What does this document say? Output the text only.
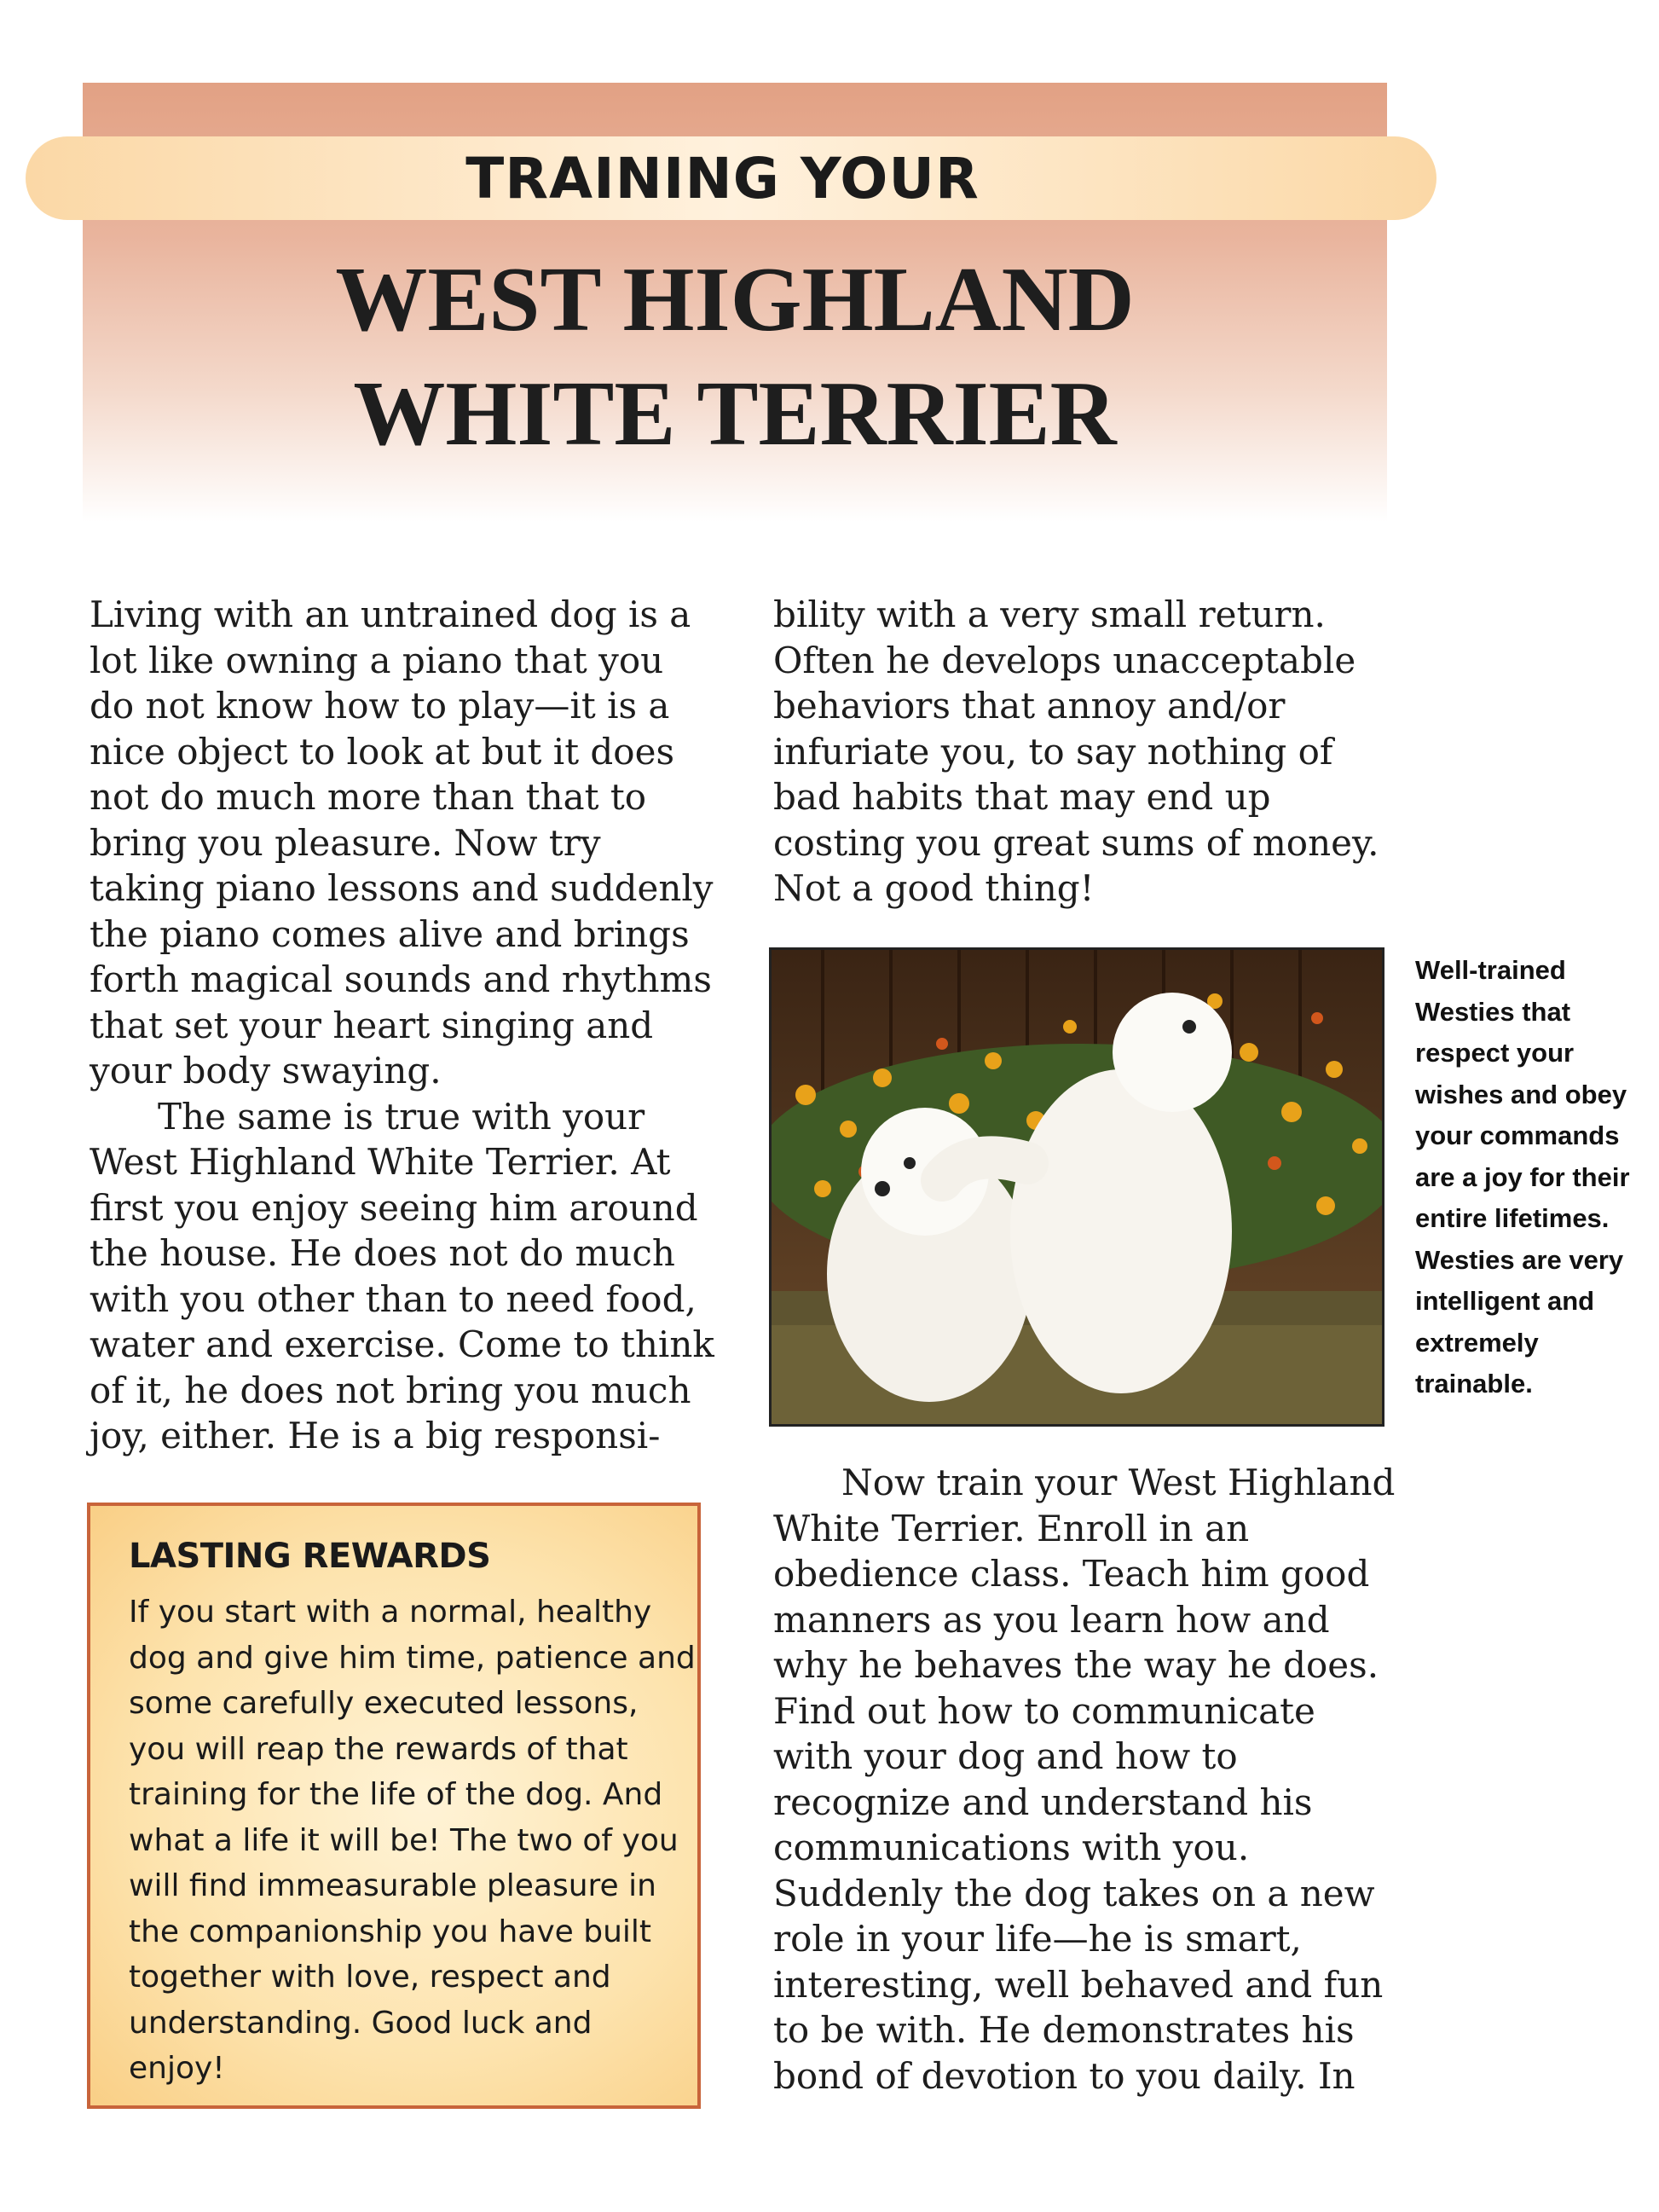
TRAINING YOUR
WEST HIGHLAND
WHITE TERRIER

Living with an untrained dog is a
lot like owning a piano that you
do not know how to play—it is a
nice object to look at but it does
not do much more than that to
bring you pleasure. Now try
taking piano lessons and suddenly
the piano comes alive and brings
forth magical sounds and rhythms
that set your heart singing and
your body swaying.

The same is true with your
West Highland White Terrier. At
first you enjoy seeing him around
the house. He does not do much
with you other than to need food,
water and exercise. Come to think
of it, he does not bring you much
joy, either. He is a big responsi-

bility with a very small return.
Often he develops unacceptable
behaviors that annoy and/or
infuriate you, to say nothing of
bad habits that may end up
costing you great sums of money.
Not a good thing!
Well-trained
Westies that
respect your
wishes and obey
your commands
are a joy for their
entire lifetimes.
Westies are very
intelligent and
extremely
trainable.
Now train your West Highland
White Terrier. Enroll in an
obedience class. Teach him good
manners as you learn how and
why he behaves the way he does.
Find out how to communicate
with your dog and how to
recognize and understand his
communications with you.
Suddenly the dog takes on a new
role in your life—he is smart,
interesting, well behaved and fun
to be with. He demonstrates his
bond of devotion to you daily. In
LASTING REWARDS
If you start with a normal, healthy
dog and give him time, patience and
some carefully executed lessons,
you will reap the rewards of that
training for the life of the dog. And
what a life it will be! The two of you
will find immeasurable pleasure in
the companionship you have built
together with love, respect and
understanding. Good luck and
enjoy!
